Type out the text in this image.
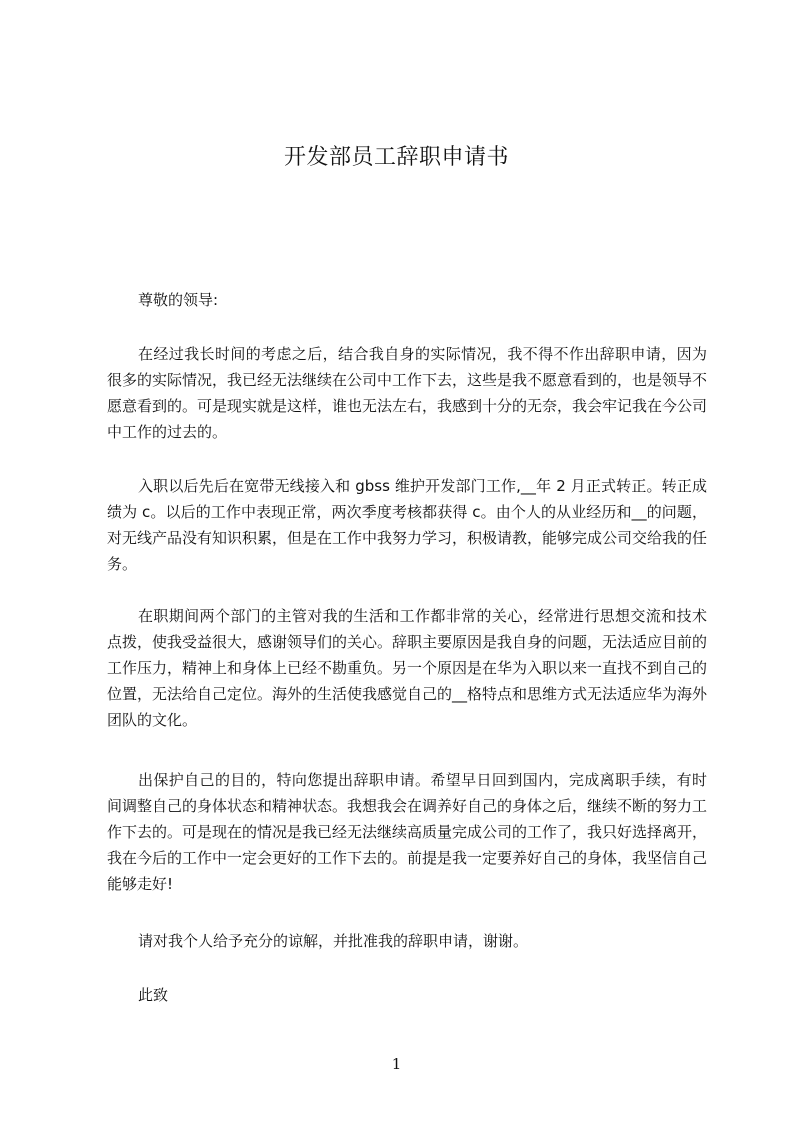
开发部员工辞职申请书

尊敬的领导:

在经过我长时间的考虑之后，结合我自身的实际情况，我不得不作出辞职申请，因为很多的实际情况，我已经无法继续在公司中工作下去，这些是我不愿意看到的，也是领导不愿意看到的。可是现实就是这样，谁也无法左右，我感到十分的无奈，我会牢记我在今公司中工作的过去的。

入职以后先后在宽带无线接入和 gbss 维护开发部门工作,__年 2 月正式转正。转正成绩为 c。以后的工作中表现正常，两次季度考核都获得 c。由个人的从业经历和__的问题，对无线产品没有知识积累，但是在工作中我努力学习，积极请教，能够完成公司交给我的任务。

在职期间两个部门的主管对我的生活和工作都非常的关心，经常进行思想交流和技术点拨，使我受益很大，感谢领导们的关心。辞职主要原因是我自身的问题，无法适应目前的工作压力，精神上和身体上已经不勘重负。另一个原因是在华为入职以来一直找不到自己的位置，无法给自己定位。海外的生活使我感觉自己的__格特点和思维方式无法适应华为海外团队的文化。

出保护自己的目的，特向您提出辞职申请。希望早日回到国内，完成离职手续，有时间调整自己的身体状态和精神状态。我想我会在调养好自己的身体之后，继续不断的努力工作下去的。可是现在的情况是我已经无法继续高质量完成公司的工作了，我只好选择离开，我在今后的工作中一定会更好的工作下去的。前提是我一定要养好自己的身体，我坚信自己能够走好!

请对我个人给予充分的谅解，并批准我的辞职申请，谢谢。

此致

1
